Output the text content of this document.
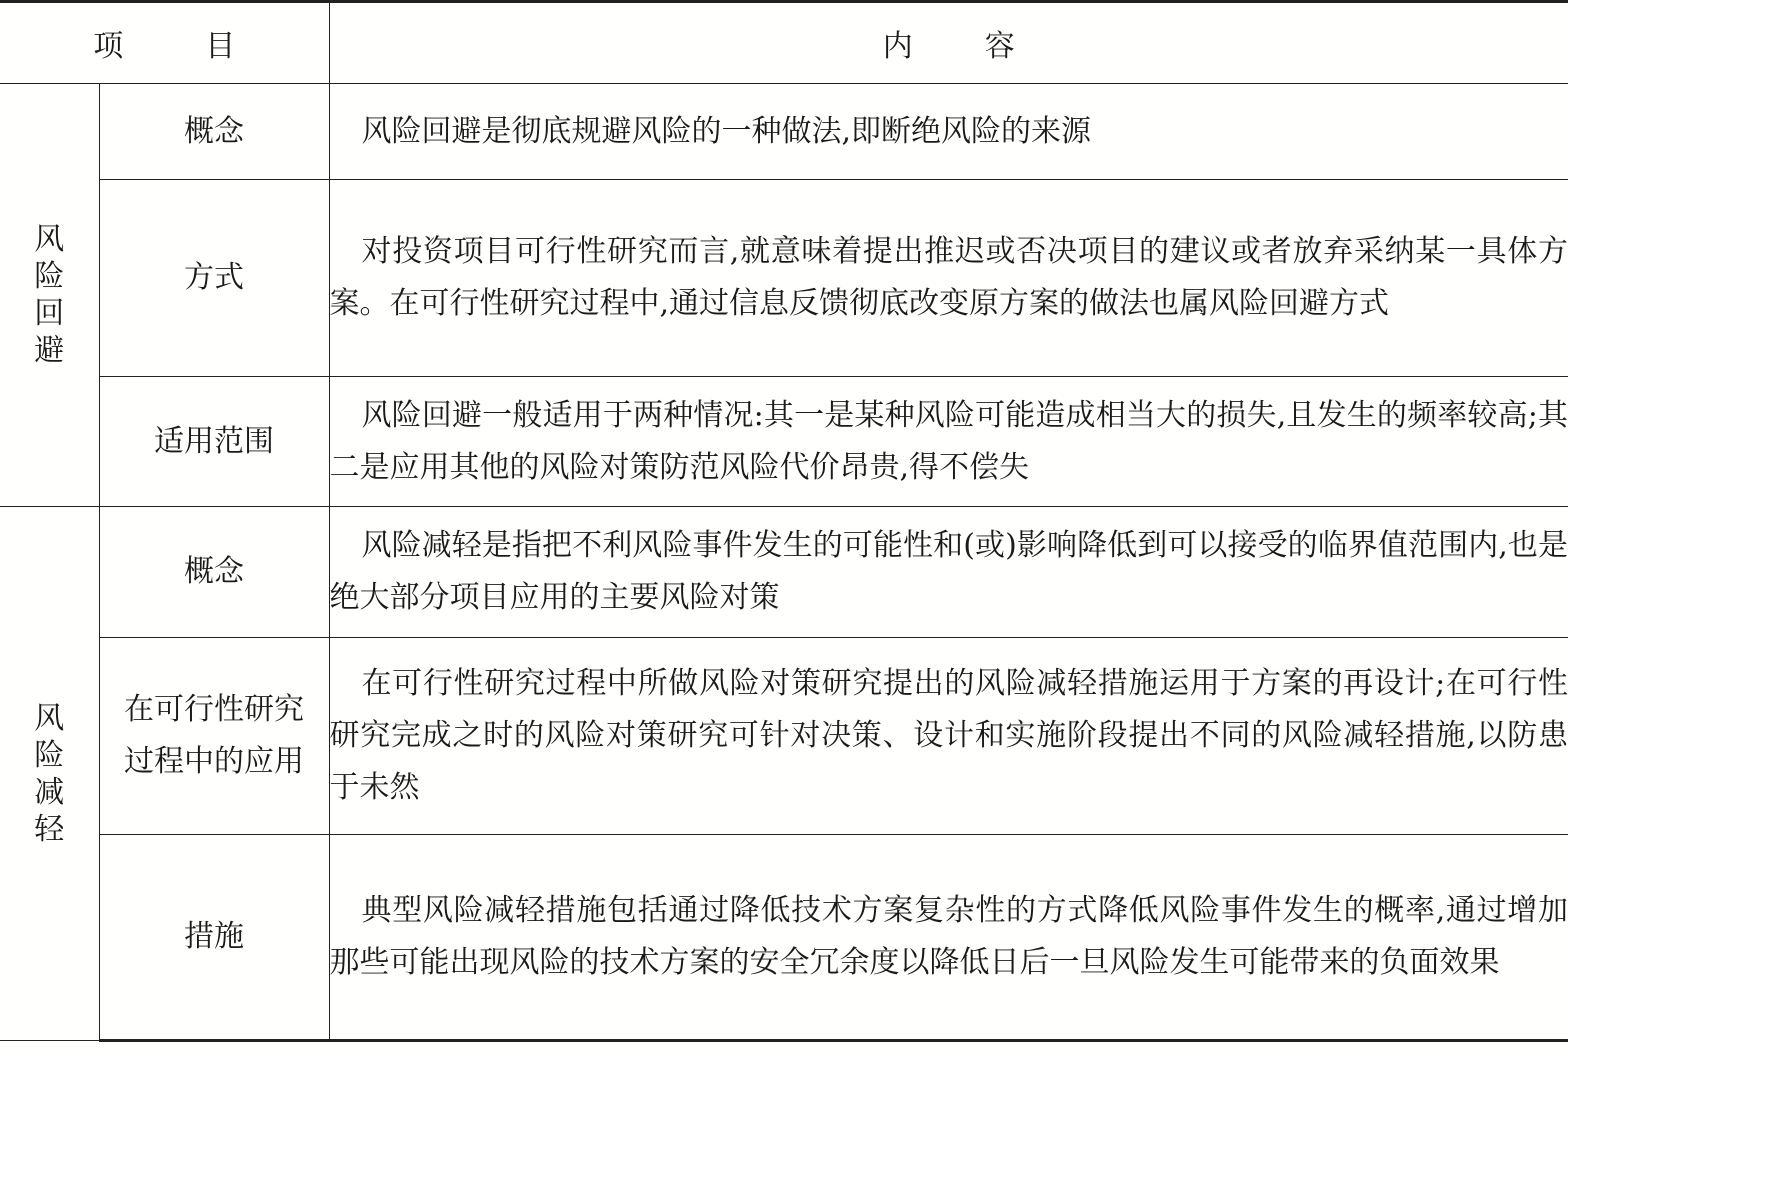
项 目		内 容
风险回避	概念	风险回避是彻底规避风险的一种做法,即断绝风险的来源

	方式	对投资项目可行性研究而言,就意味着提出推迟或否决项目的建议或者放弃采纳某一具体方案。在可行性研究过程中,通过信息反馈彻底改变原方案的做法也属风险回避方式

	适用范围	风险回避一般适用于两种情况:其一是某种风险可能造成相当大的损失,且发生的频率较高;其二是应用其他的风险对策防范风险代价昂贵,得不偿失

风险减轻	概念	风险减轻是指把不利风险事件发生的可能性和(或)影响降低到可以接受的临界值范围内,也是绝大部分项目应用的主要风险对策

	在可行性研究过程中的应用	在可行性研究过程中所做风险对策研究提出的风险减轻措施运用于方案的再设计;在可行性研究完成之时的风险对策研究可针对决策、设计和实施阶段提出不同的风险减轻措施,以防患于未然

	措施	典型风险减轻措施包括通过降低技术方案复杂性的方式降低风险事件发生的概率,通过增加那些可能出现风险的技术方案的安全冗余度以降低日后一旦风险发生可能带来的负面效果
